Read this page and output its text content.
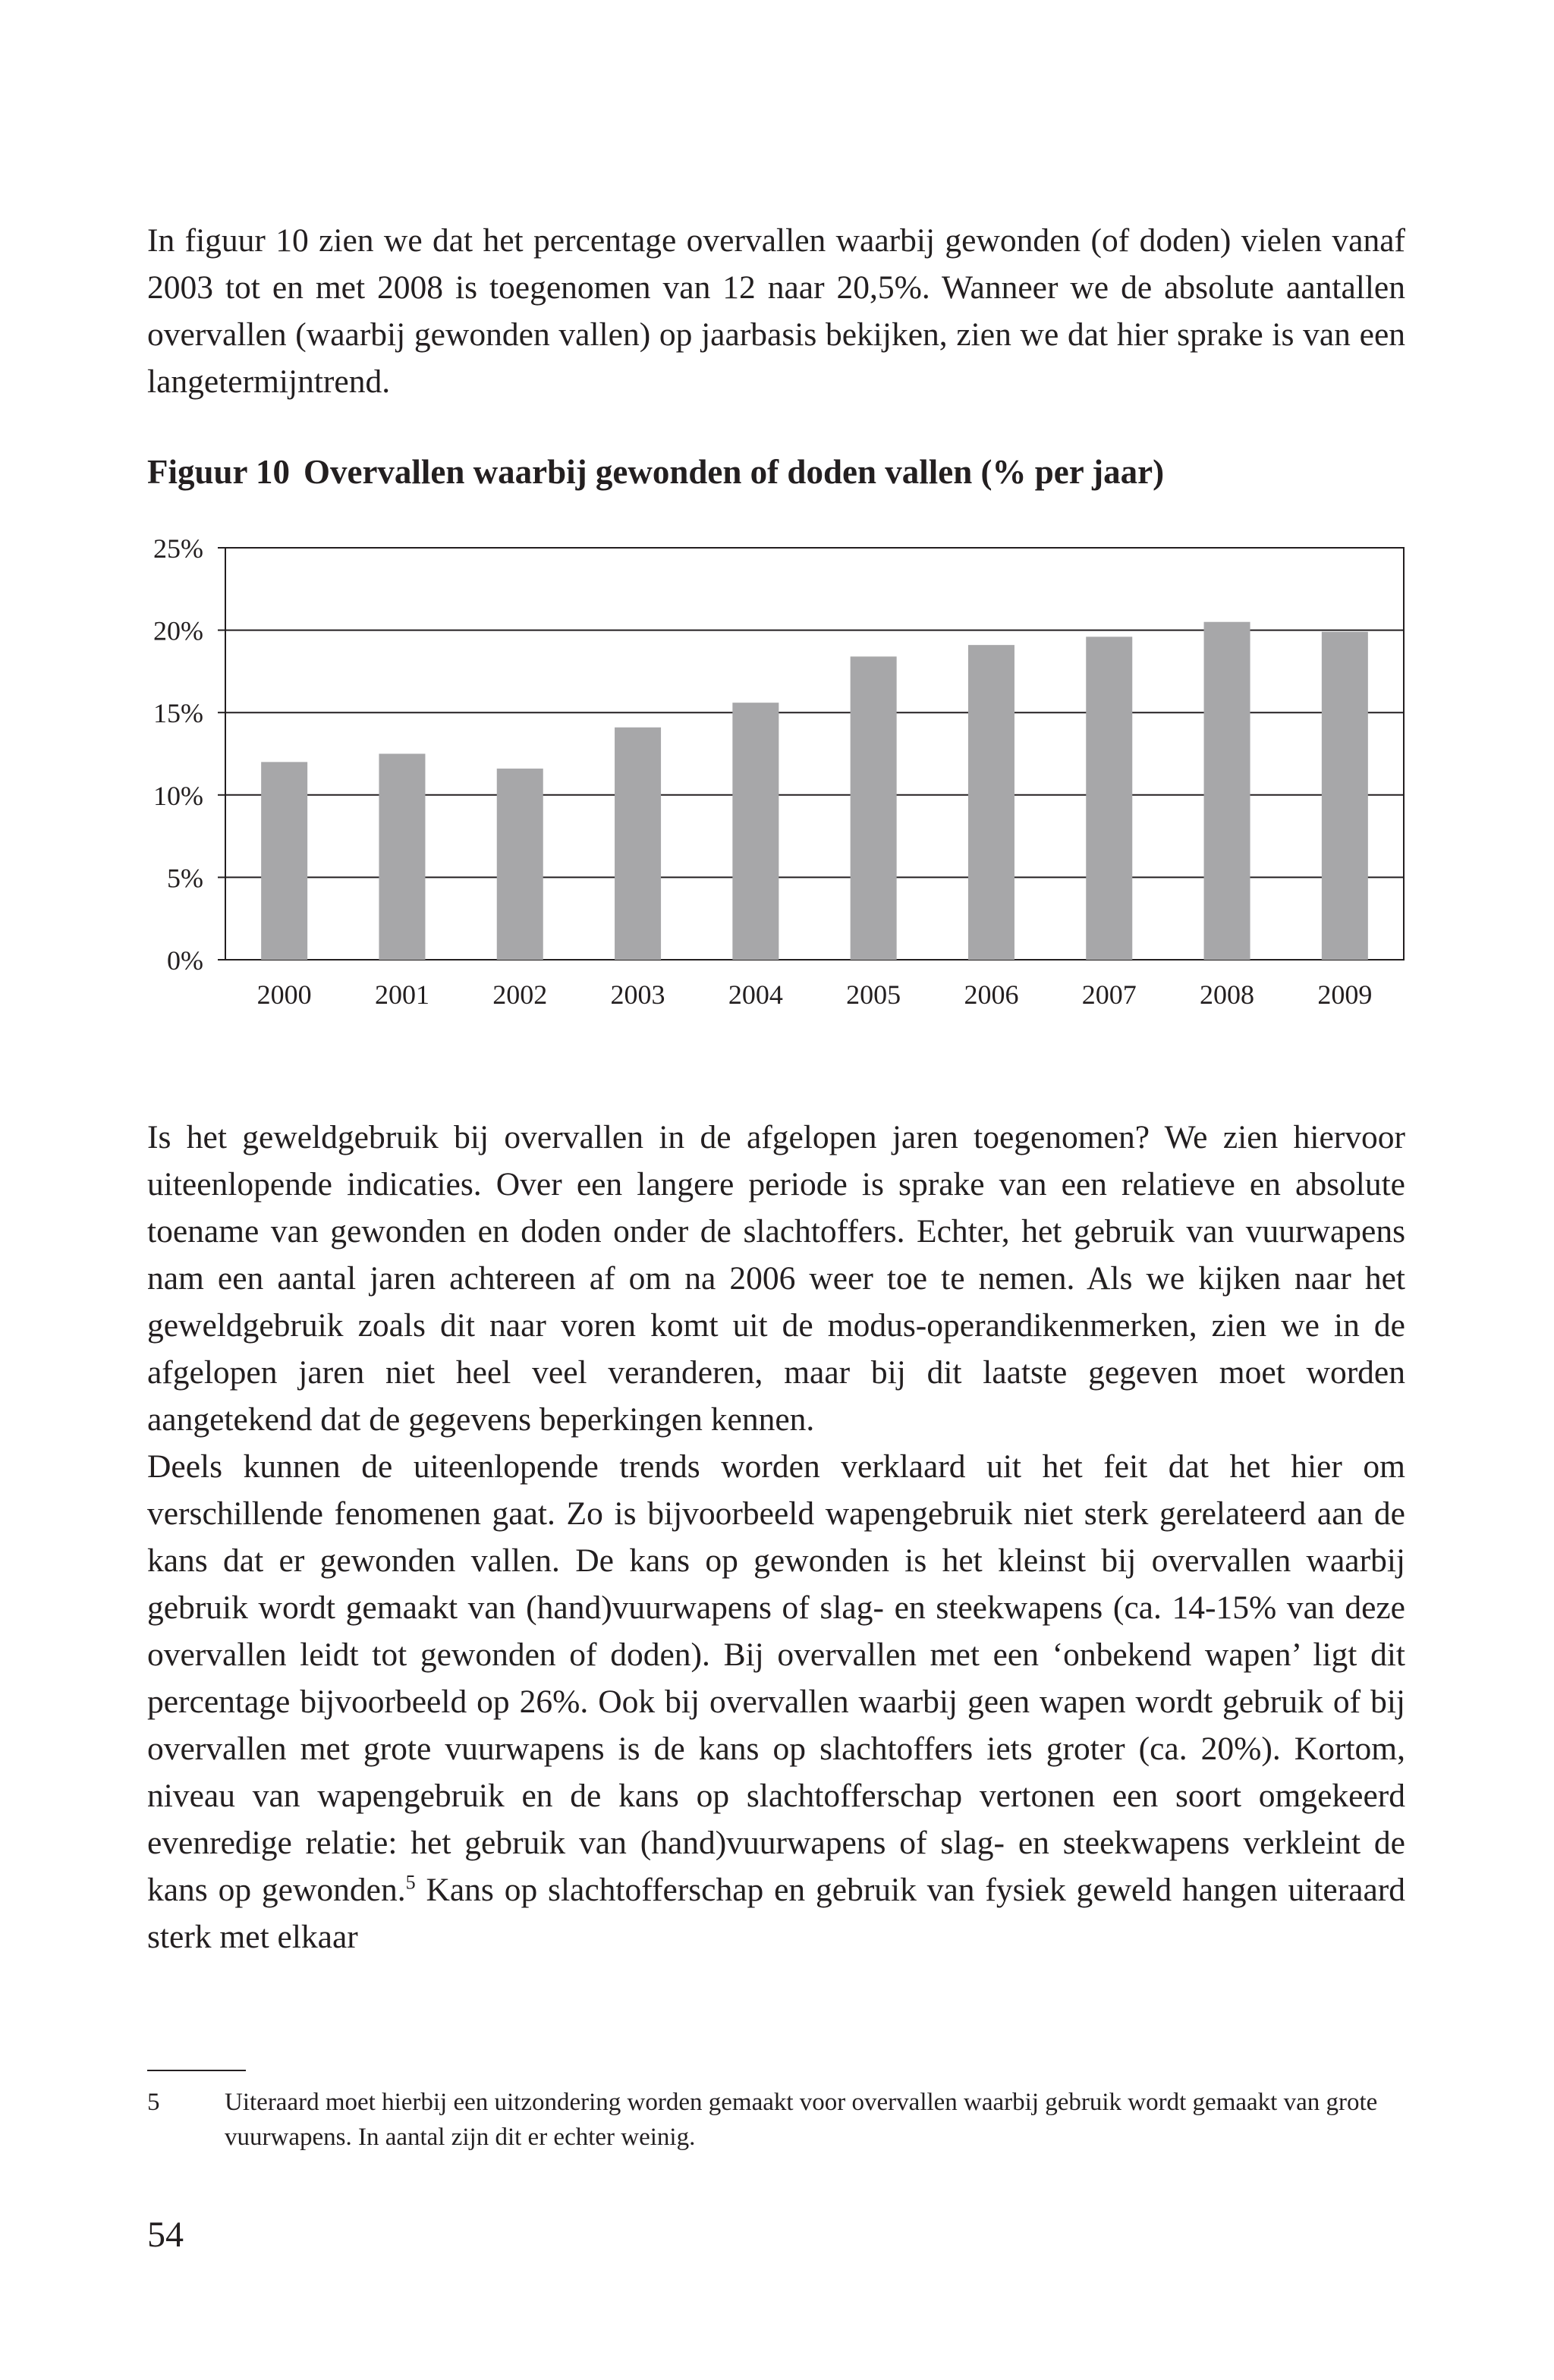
In figuur 10 zien we dat het percentage overvallen waarbij gewonden (of doden) vielen vanaf 2003 tot en met 2008 is toegenomen van 12 naar 20,5%. Wanneer we de absolute aantallen overvallen (waarbij gewonden vallen) op jaarbasis bekijken, zien we dat hier sprake is van een langetermijntrend.

Figuur 10 Overvallen waarbij gewonden of doden vallen (% per jaar)
0%
5%
10%
15%
20%
25%
2000 2001 2002 2003 2004 2005 2006 2007 2008 2009

Is het geweldgebruik bij overvallen in de afgelopen jaren toegenomen? We zien hiervoor uiteenlopende indicaties. Over een langere periode is sprake van een relatieve en absolute toename van gewonden en doden onder de slachtoffers. Echter, het gebruik van vuurwapens nam een aantal jaren achtereen af om na 2006 weer toe te nemen. Als we kijken naar het geweldgebruik zoals dit naar voren komt uit de modus-operandikenmerken, zien we in de afgelopen jaren niet heel veel veranderen, maar bij dit laatste gegeven moet worden aangetekend dat de gegevens beperkingen kennen.

Deels kunnen de uiteenlopende trends worden verklaard uit het feit dat het hier om verschillende fenomenen gaat. Zo is bijvoorbeeld wapengebruik niet sterk gerelateerd aan de kans dat er gewonden vallen. De kans op gewonden is het kleinst bij overvallen waarbij gebruik wordt gemaakt van (hand)vuurwapens of slag- en steekwapens (ca. 14-15% van deze overvallen leidt tot gewonden of doden). Bij overvallen met een ‘onbekend wapen’ ligt dit percentage bijvoorbeeld op 26%. Ook bij overvallen waarbij geen wapen wordt gebruik of bij overvallen met grote vuurwapens is de kans op slachtoffers iets groter (ca. 20%). Kortom, niveau van wapengebruik en de kans op slachtofferschap vertonen een soort omgekeerd evenredige relatie: het gebruik van (hand)vuurwapens of slag- en steekwapens verkleint de kans op gewonden.$^5$ Kans op slachtofferschap en gebruik van fysiek geweld hangen uiteraard sterk met elkaar

5	Uiteraard moet hierbij een uitzondering worden gemaakt voor overvallen waarbij gebruik wordt gemaakt van grote vuurwapens. In aantal zijn dit er echter weinig.
54
